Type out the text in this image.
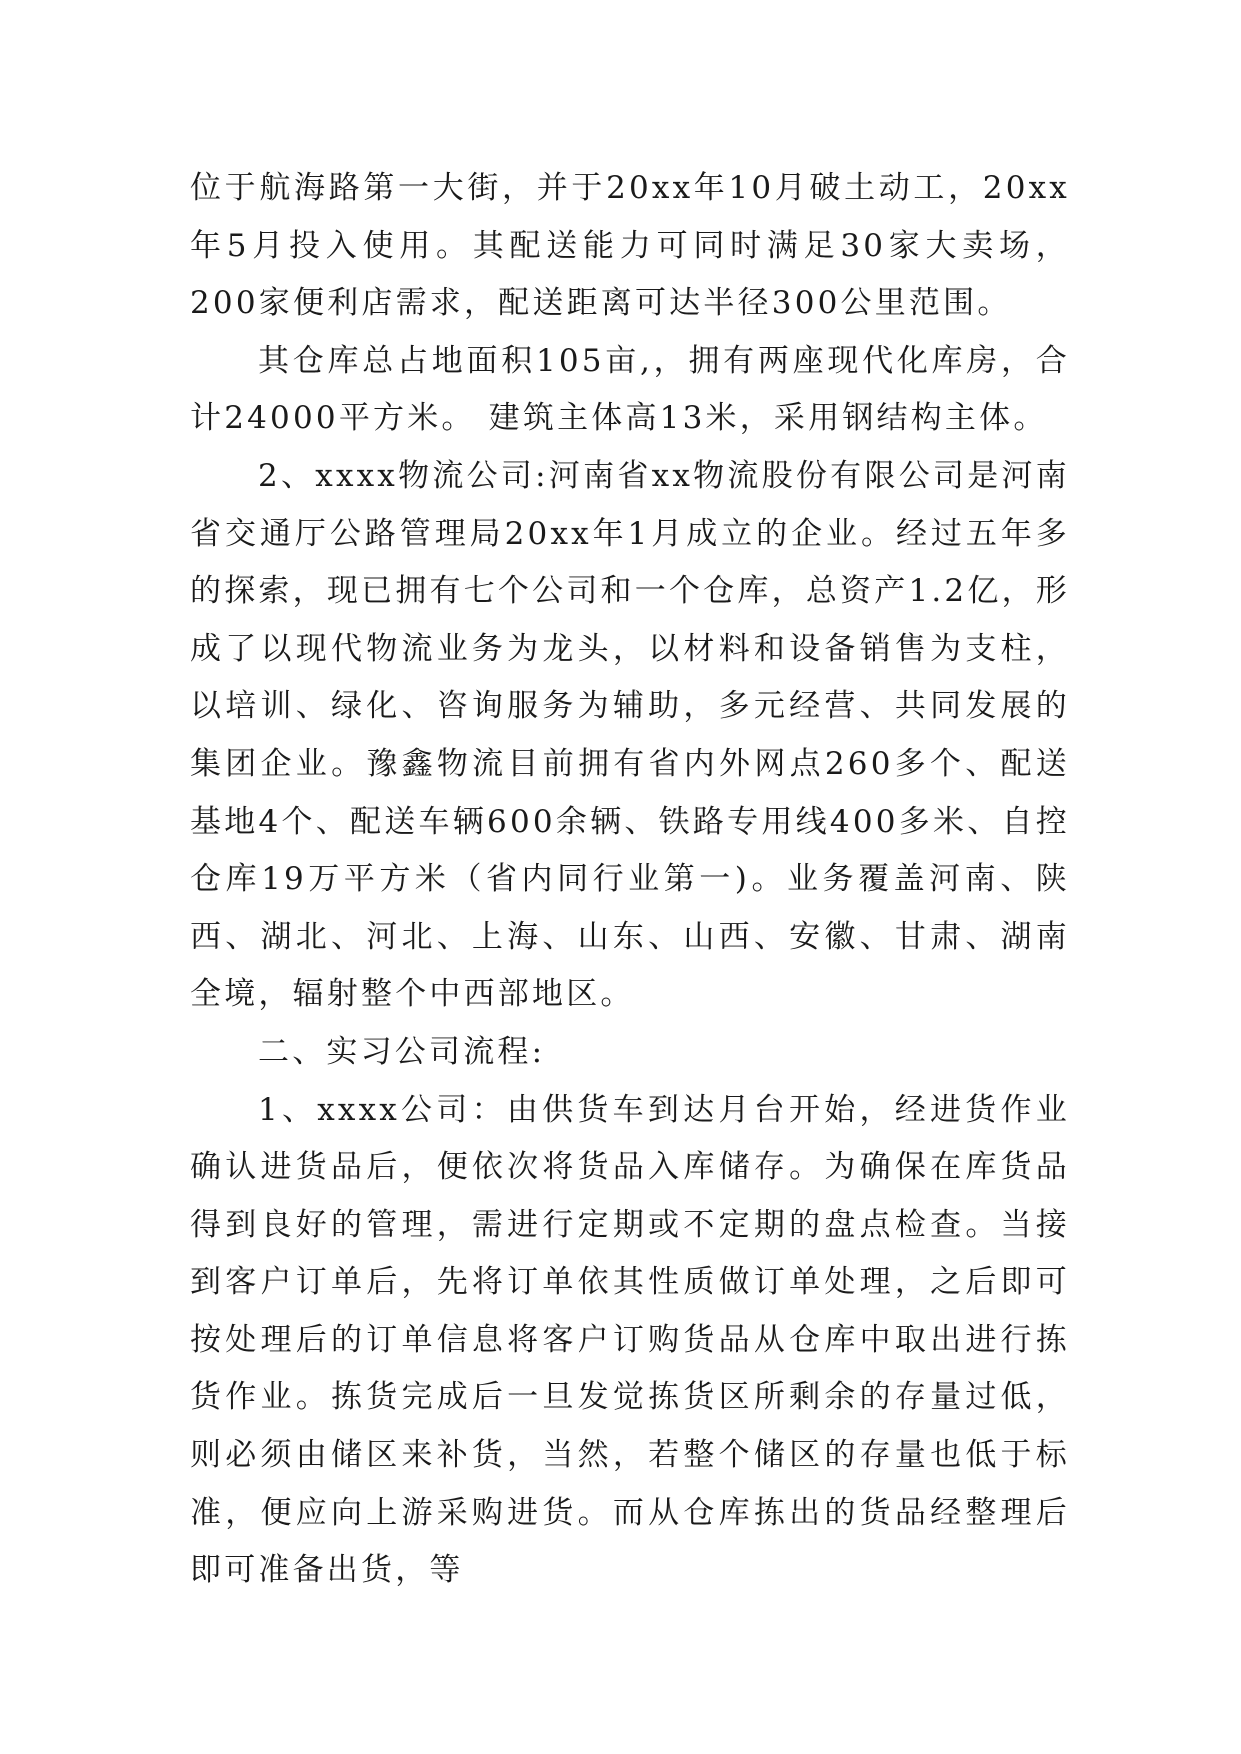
位于航海路第一大街，并于20xx年10月破土动工，20xx年5月投入使用。其配送能力可同时满足30家大卖场，200家便利店需求，配送距离可达半径300公里范围。

其仓库总占地面积105亩,，拥有两座现代化库房，合计24000平方米。 建筑主体高13米，采用钢结构主体。

2、xxxx物流公司:河南省xx物流股份有限公司是河南省交通厅公路管理局20xx年1月成立的企业。经过五年多的探索，现已拥有七个公司和一个仓库，总资产1.2亿，形成了以现代物流业务为龙头，以材料和设备销售为支柱，以培训、绿化、咨询服务为辅助，多元经营、共同发展的集团企业。豫鑫物流目前拥有省内外网点260多个、配送基地4个、配送车辆600余辆、铁路专用线400多米、自控仓库19万平方米（省内同行业第一)。业务覆盖河南、陕西、湖北、河北、上海、山东、山西、安徽、甘肃、湖南全境，辐射整个中西部地区。

二、实习公司流程:

1、xxxx公司：由供货车到达月台开始，经进货作业确认进货品后，便依次将货品入库储存。为确保在库货品得到良好的管理，需进行定期或不定期的盘点检查。当接到客户订单后，先将订单依其性质做订单处理，之后即可按处理后的订单信息将客户订购货品从仓库中取出进行拣货作业。拣货完成后一旦发觉拣货区所剩余的存量过低，则必须由储区来补货，当然，若整个储区的存量也低于标准，便应向上游采购进货。而从仓库拣出的货品经整理后即可准备出货，等
